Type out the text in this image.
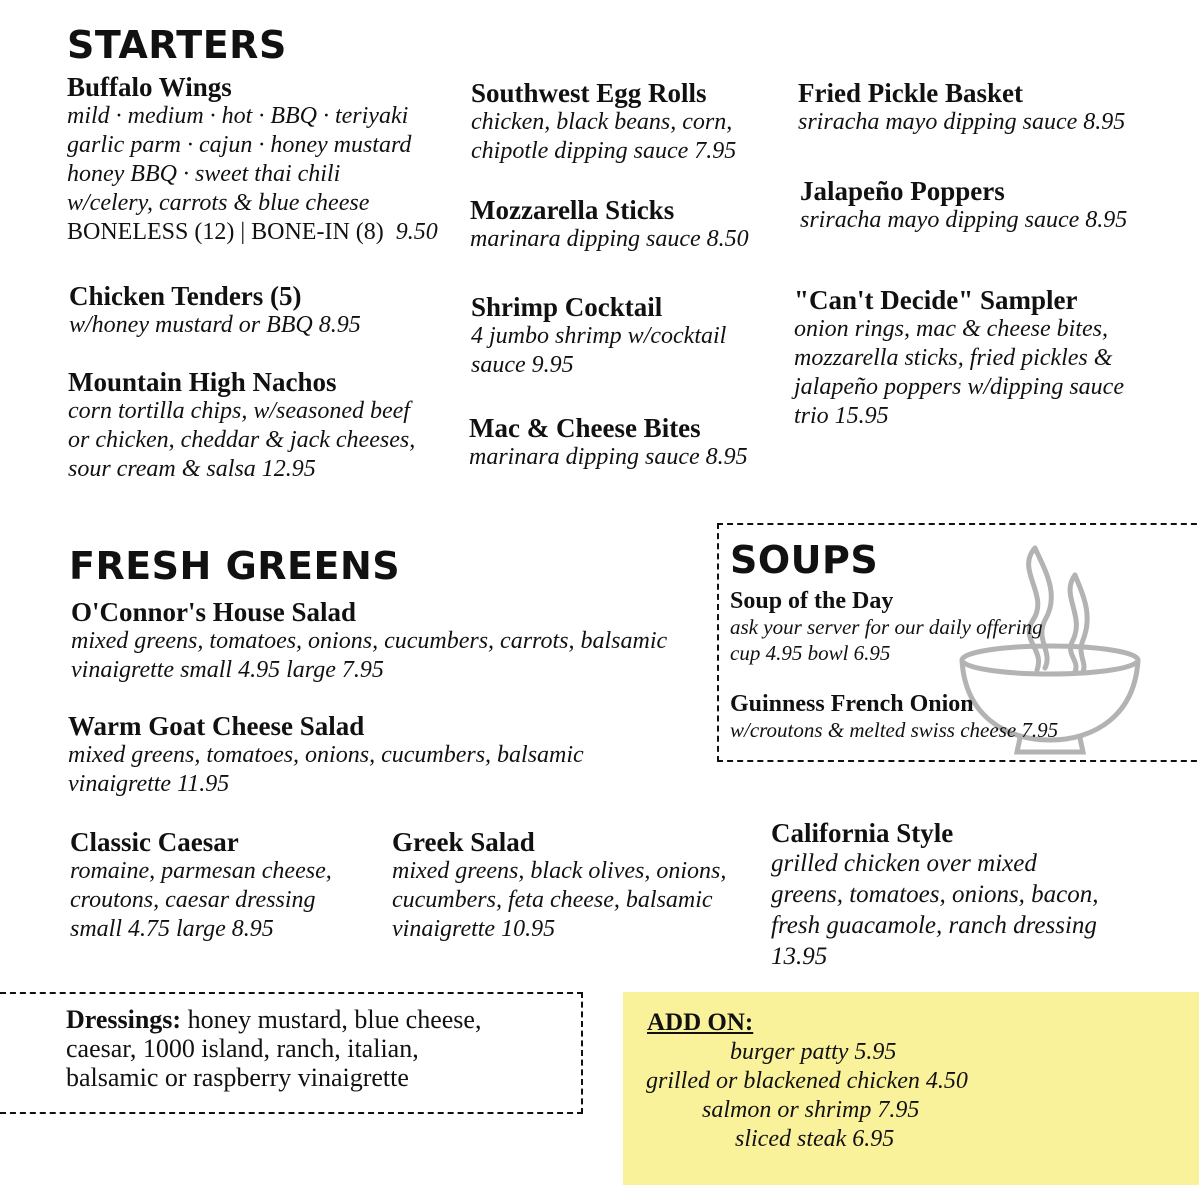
STARTERS
Buffalo Wings
mild · medium · hot · BBQ · teriyaki
garlic parm · cajun · honey mustard
honey BBQ · sweet thai chili
w/celery, carrots & blue cheese
BONELESS (12) | BONE-IN (8) 9.50
Chicken Tenders (5)
w/honey mustard or BBQ 8.95
Mountain High Nachos
corn tortilla chips, w/seasoned beef
or chicken, cheddar & jack cheeses,
sour cream & salsa 12.95
Southwest Egg Rolls
chicken, black beans, corn,
chipotle dipping sauce 7.95
Mozzarella Sticks
marinara dipping sauce 8.50
Shrimp Cocktail
4 jumbo shrimp w/cocktail
sauce 9.95
Mac & Cheese Bites
marinara dipping sauce 8.95
Fried Pickle Basket
sriracha mayo dipping sauce 8.95
Jalapeño Poppers
sriracha mayo dipping sauce 8.95
"Can't Decide" Sampler
onion rings, mac & cheese bites,
mozzarella sticks, fried pickles &
jalapeño poppers w/dipping sauce
trio 15.95
FRESH GREENS
O'Connor's House Salad
mixed greens, tomatoes, onions, cucumbers, carrots, balsamic
vinaigrette small 4.95 large 7.95
Warm Goat Cheese Salad
mixed greens, tomatoes, onions, cucumbers, balsamic
vinaigrette 11.95
Classic Caesar
romaine, parmesan cheese,
croutons, caesar dressing
small 4.75 large 8.95
Greek Salad
mixed greens, black olives, onions,
cucumbers, feta cheese, balsamic
vinaigrette 10.95
California Style
grilled chicken over mixed
greens, tomatoes, onions, bacon,
fresh guacamole, ranch dressing
13.95
SOUPS
Soup of the Day
ask your server for our daily offering
cup 4.95 bowl 6.95
Guinness French Onion
w/croutons & melted swiss cheese 7.95
Dressings: honey mustard, blue cheese,
caesar, 1000 island, ranch, italian,
balsamic or raspberry vinaigrette
ADD ON:
burger patty 5.95
grilled or blackened chicken 4.50
salmon or shrimp 7.95
sliced steak 6.95
